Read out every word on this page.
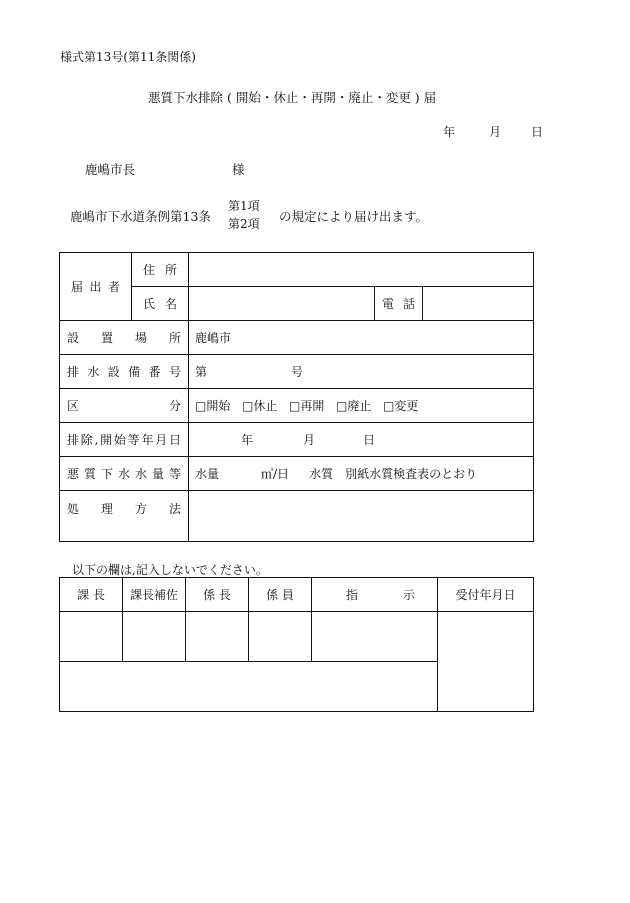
様式第13号(第11条関係)
悪質下水排除 ( 開始・休止・再開・廃止・変更 ) 届
年	月	日
鹿嶋市長	様
鹿嶋市下水道条例第13条
第1項
第2項 の規定により届け出ます。
届 出 者	住 所			

	氏 名		電 話	

設置場所		鹿嶋市		

排水設備番号		第 号		

区分		□開始 □休止 □再開 □廃止 □変更		

排除,開始等年月日		年 月 日		

悪質下水水量等		水量 ㎥/日 水質 別紙水質検査表のとおり		

処理方法				

以下の欄は,記入しないでください。
課 長	課長補佐	係 長	係 員	指 示	受付年月日
